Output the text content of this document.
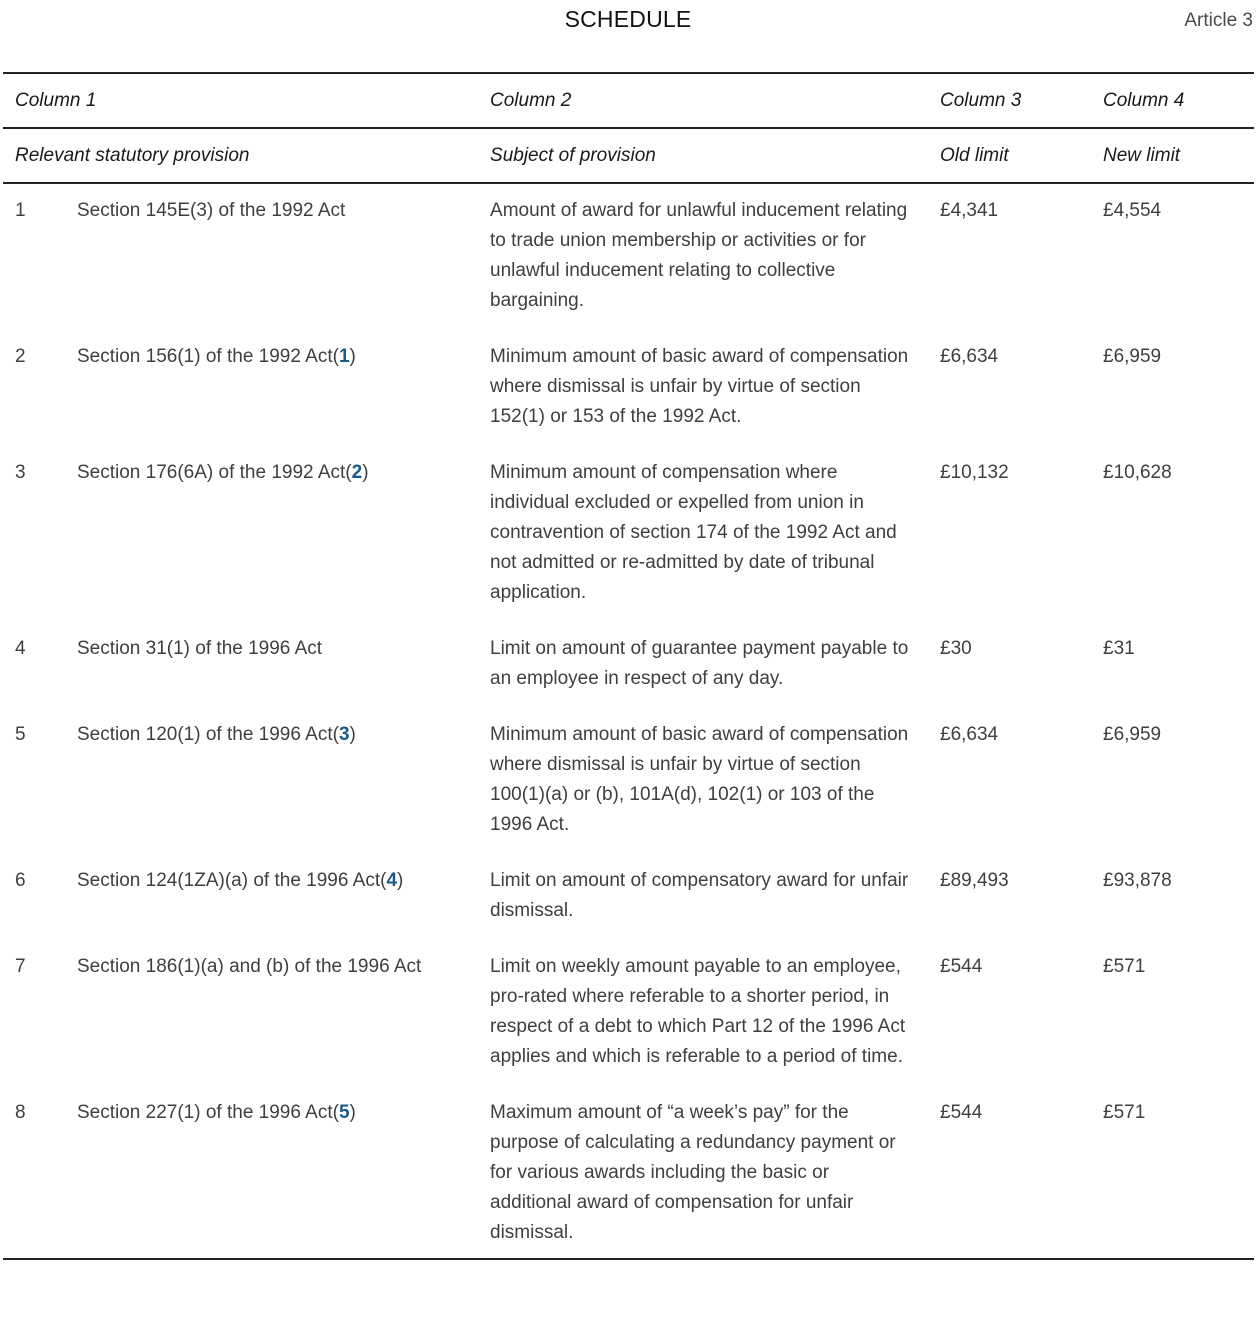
SCHEDULE	Article 3
Column 1		Column 2	Column 3	Column 4
Relevant statutory provision		Subject of provision	Old limit	New limit
1	Section 145E(3) of the 1992 Act	Amount of award for unlawful inducement relating to trade union membership or activities or for unlawful inducement relating to collective bargaining.	£4,341	£4,554
2	Section 156(1) of the 1992 Act(1)	Minimum amount of basic award of compensation where dismissal is unfair by virtue of section 152(1) or 153 of the 1992 Act.	£6,634	£6,959
3	Section 176(6A) of the 1992 Act(2)	Minimum amount of compensation where individual excluded or expelled from union in contravention of section 174 of the 1992 Act and not admitted or re-admitted by date of tribunal application.	£10,132	£10,628
4	Section 31(1) of the 1996 Act	Limit on amount of guarantee payment payable to an employee in respect of any day.	£30	£31
5	Section 120(1) of the 1996 Act(3)	Minimum amount of basic award of compensation where dismissal is unfair by virtue of section 100(1)(a) or (b), 101A(d), 102(1) or 103 of the 1996 Act.	£6,634	£6,959
6	Section 124(1ZA)(a) of the 1996 Act(4)	Limit on amount of compensatory award for unfair dismissal.	£89,493	£93,878
7	Section 186(1)(a) and (b) of the 1996 Act	Limit on weekly amount payable to an employee, pro-rated where referable to a shorter period, in respect of a debt to which Part 12 of the 1996 Act applies and which is referable to a period of time.	£544	£571
8	Section 227(1) of the 1996 Act(5)	Maximum amount of “a week’s pay” for the purpose of calculating a redundancy payment or for various awards including the basic or additional award of compensation for unfair dismissal.	£544	£571
